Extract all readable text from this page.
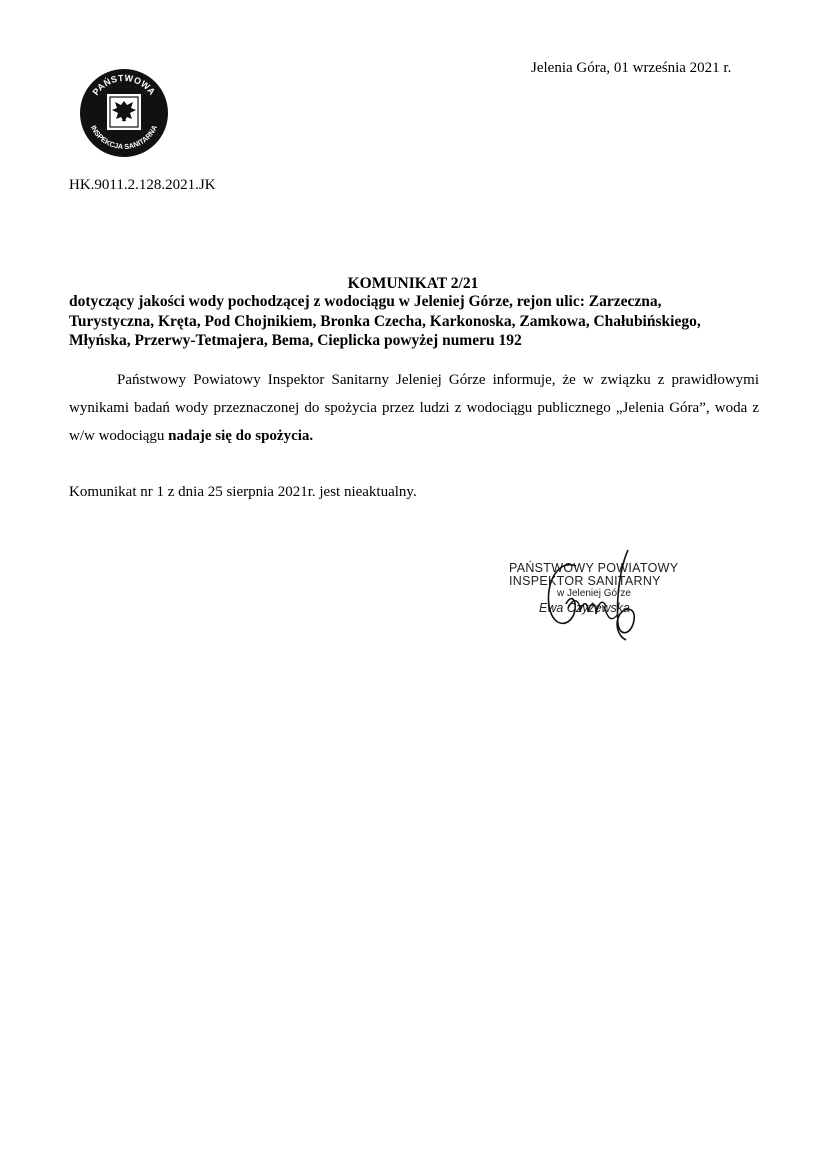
Jelenia Góra, 01 września 2021 r.
PAŃSTWOWA
INSPEKCJA SANITARNA
HK.9011.2.128.2021.JK
KOMUNIKAT 2/21
dotyczący jakości wody pochodzącej z wodociągu w Jeleniej Górze, rejon ulic: Zarzeczna,
Turystyczna, Kręta, Pod Chojnikiem, Bronka Czecha, Karkonoska, Zamkowa, Chałubińskiego,
Młyńska, Przerwy-Tetmajera, Bema, Cieplicka powyżej numeru 192
Państwowy Powiatowy Inspektor Sanitarny Jeleniej Górze informuje, że w związku z prawidłowymi wynikami badań wody przeznaczonej do spożycia przez ludzi z wodociągu publicznego „Jelenia Góra”, woda z w/w wodociągu nadaje się do spożycia.
Komunikat nr 1 z dnia 25 sierpnia 2021r. jest nieaktualny.
PAŃSTWOWY POWIATOWY
INSPEKTOR SANITARNY
w Jeleniej Górze
Ewa Czyżewska
